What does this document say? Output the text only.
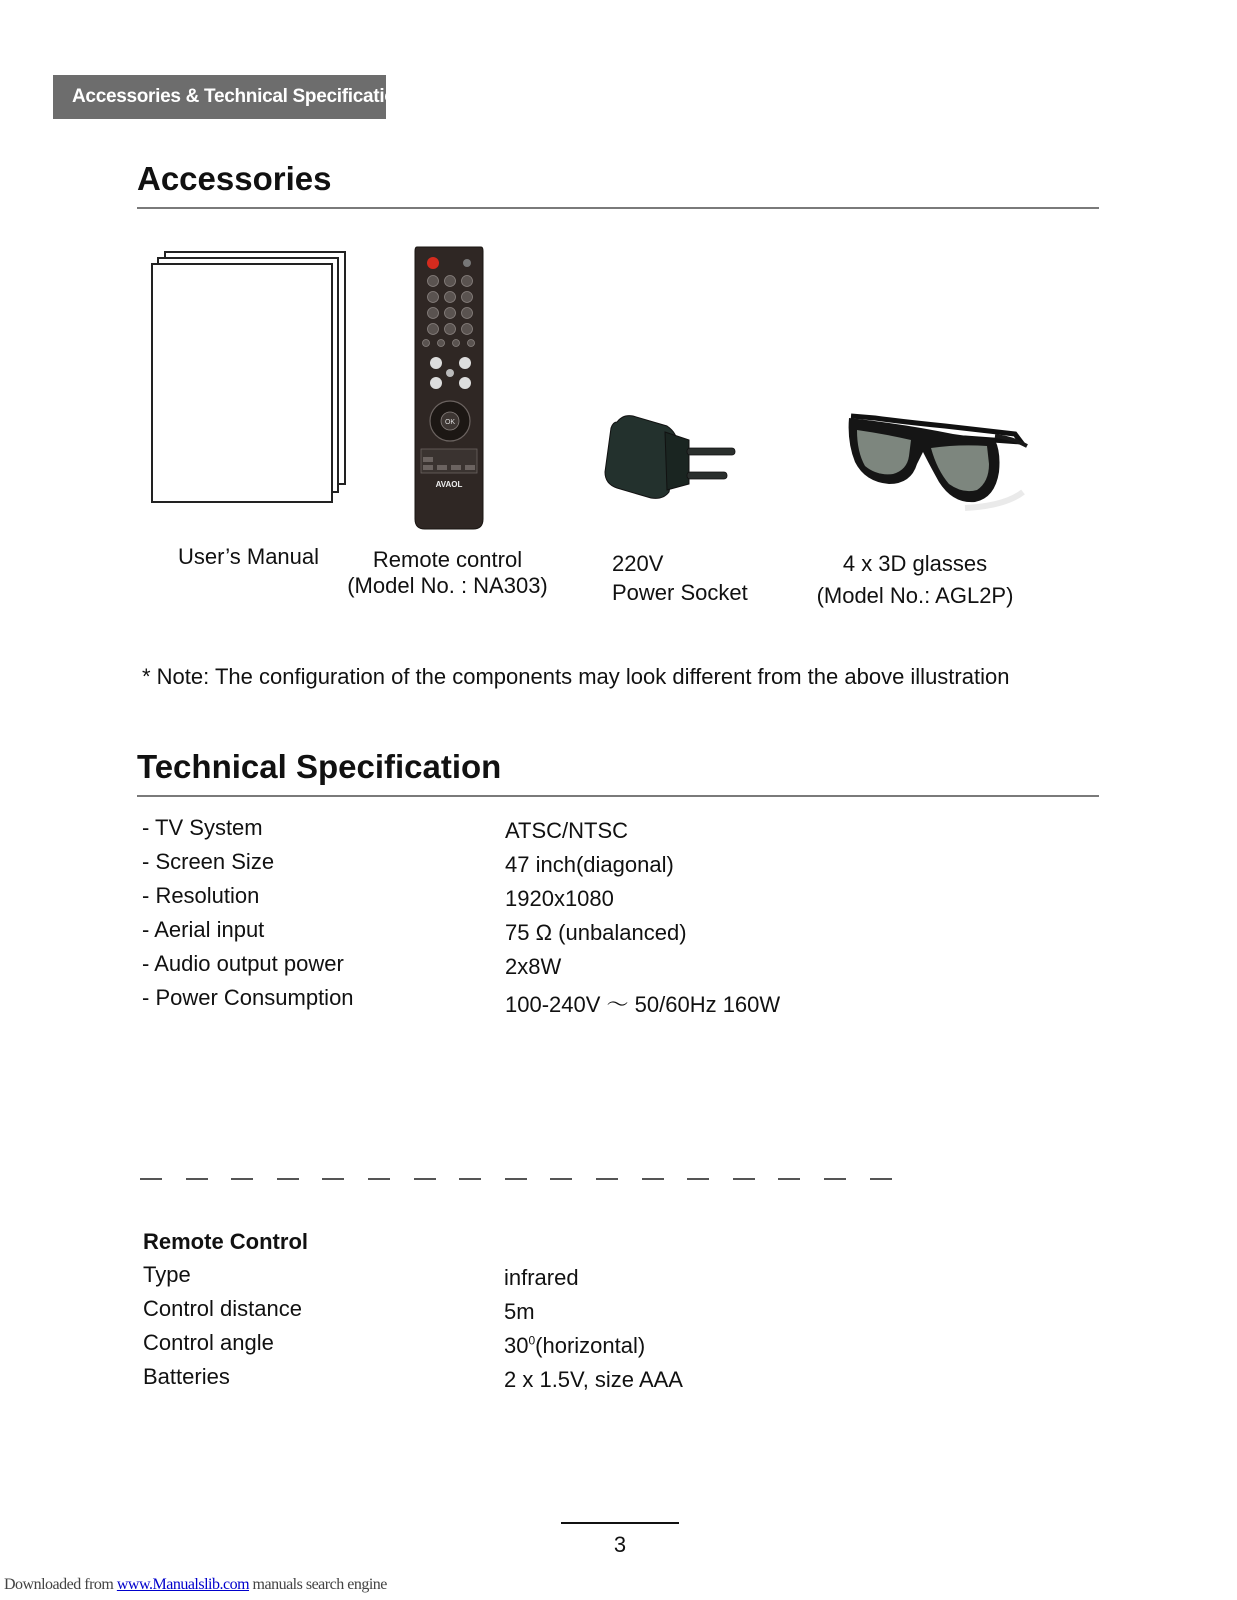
Accessories & Technical Specification
Accessories
OK
AVAOL
User’s Manual	Remote control
(Model No. : NA303)
220V
Power Socket
4 x 3D glasses
(Model No.: AGL2P)
* Note: The configuration of the components may look different from the above illustration
Technical Specification
- TV System	ATSC/NTSC
- Screen Size	47 inch(diagonal)
- Resolution	1920x1080
- Aerial input	75 Ω (unbalanced)
- Audio output power	2x8W
- Power Consumption	100-240V 〜 50/60Hz 160W
Remote Control
Type	infrared
Control distance	5m
Control angle	$30^0(horizontal)$
Batteries	2 x 1.5V, size AAA
3
Downloaded from www.Manualslib.com manuals search engine
